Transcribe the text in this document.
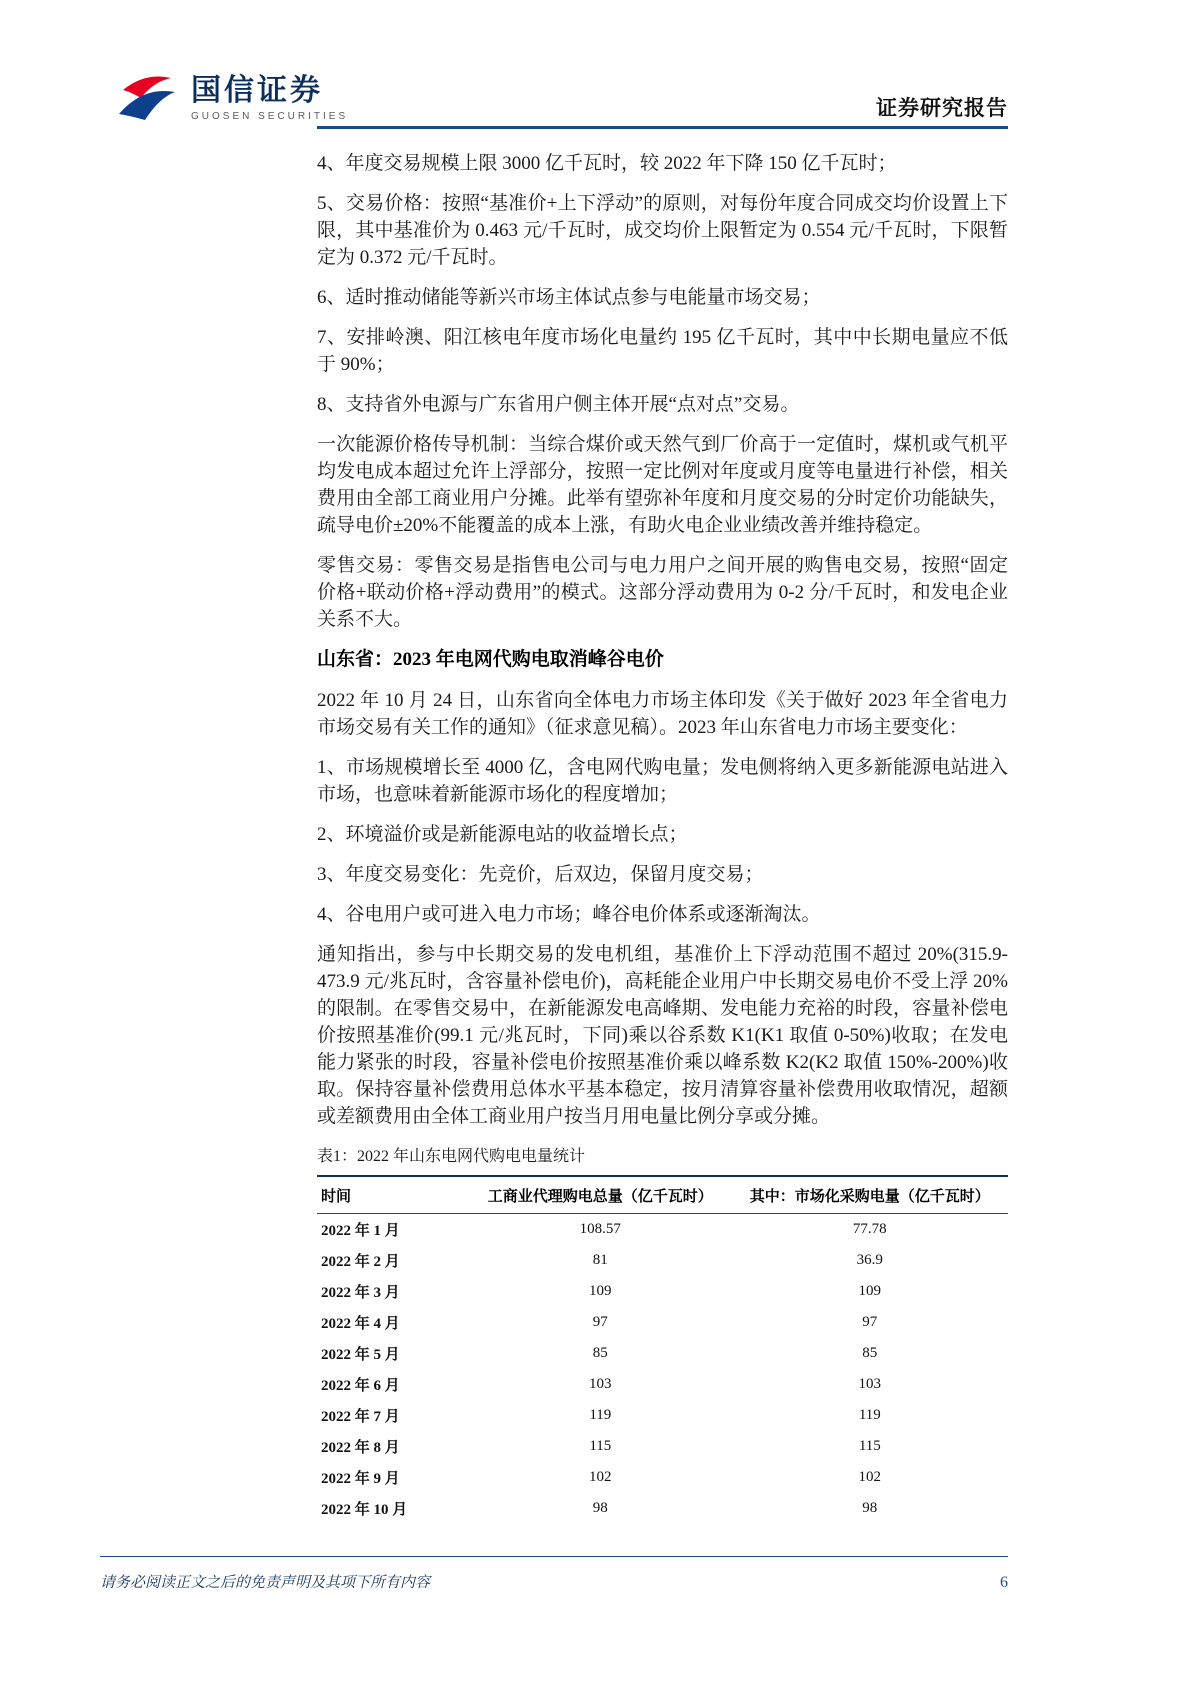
国信证券
GUOSEN SECURITIES	证券研究报告

4、年度交易规模上限 3000 亿千瓦时，较 2022 年下降 150 亿千瓦时；

5、交易价格：按照“基准价+上下浮动”的原则，对每份年度合同成交均价设置上下限，其中基准价为 0.463 元/千瓦时，成交均价上限暂定为 0.554 元/千瓦时，下限暂定为 0.372 元/千瓦时。

6、适时推动储能等新兴市场主体试点参与电能量市场交易；

7、安排岭澳、阳江核电年度市场化电量约 195 亿千瓦时，其中中长期电量应不低于 90%；

8、支持省外电源与广东省用户侧主体开展“点对点”交易。

一次能源价格传导机制：当综合煤价或天然气到厂价高于一定值时，煤机或气机平均发电成本超过允许上浮部分，按照一定比例对年度或月度等电量进行补偿，相关费用由全部工商业用户分摊。此举有望弥补年度和月度交易的分时定价功能缺失，疏导电价±20%不能覆盖的成本上涨，有助火电企业业绩改善并维持稳定。

零售交易：零售交易是指售电公司与电力用户之间开展的购售电交易，按照“固定价格+联动价格+浮动费用”的模式。这部分浮动费用为 0-2 分/千瓦时，和发电企业关系不大。

山东省：2023 年电网代购电取消峰谷电价

2022 年 10 月 24 日，山东省向全体电力市场主体印发《关于做好 2023 年全省电力市场交易有关工作的通知》（征求意见稿）。2023 年山东省电力市场主要变化：

1、市场规模增长至 4000 亿，含电网代购电量；发电侧将纳入更多新能源电站进入市场，也意味着新能源市场化的程度增加；

2、环境溢价或是新能源电站的收益增长点；

3、年度交易变化：先竞价，后双边，保留月度交易；

4、谷电用户或可进入电力市场；峰谷电价体系或逐渐淘汰。

通知指出，参与中长期交易的发电机组，基准价上下浮动范围不超过 20%(315.9-473.9 元/兆瓦时，含容量补偿电价)，高耗能企业用户中长期交易电价不受上浮 20%的限制。在零售交易中，在新能源发电高峰期、发电能力充裕的时段，容量补偿电价按照基准价(99.1 元/兆瓦时，下同)乘以谷系数 K1(K1 取值 0-50%)收取；在发电能力紧张的时段，容量补偿电价按照基准价乘以峰系数 K2(K2 取值 150%-200%)收取。保持容量补偿费用总体水平基本稳定，按月清算容量补偿费用收取情况，超额或差额费用由全体工商业用户按当月用电量比例分享或分摊。

表1：2022 年山东电网代购电电量统计
时间	工商业代理购电总量（亿千瓦时）	其中：市场化采购电量（亿千瓦时）
2022 年 1 月	108.57	77.78
2022 年 2 月	81	36.9
2022 年 3 月	109	109
2022 年 4 月	97	97
2022 年 5 月	85	85
2022 年 6 月	103	103
2022 年 7 月	119	119
2022 年 8 月	115	115
2022 年 9 月	102	102
2022 年 10 月	98	98
请务必阅读正文之后的免责声明及其项下所有内容	6
